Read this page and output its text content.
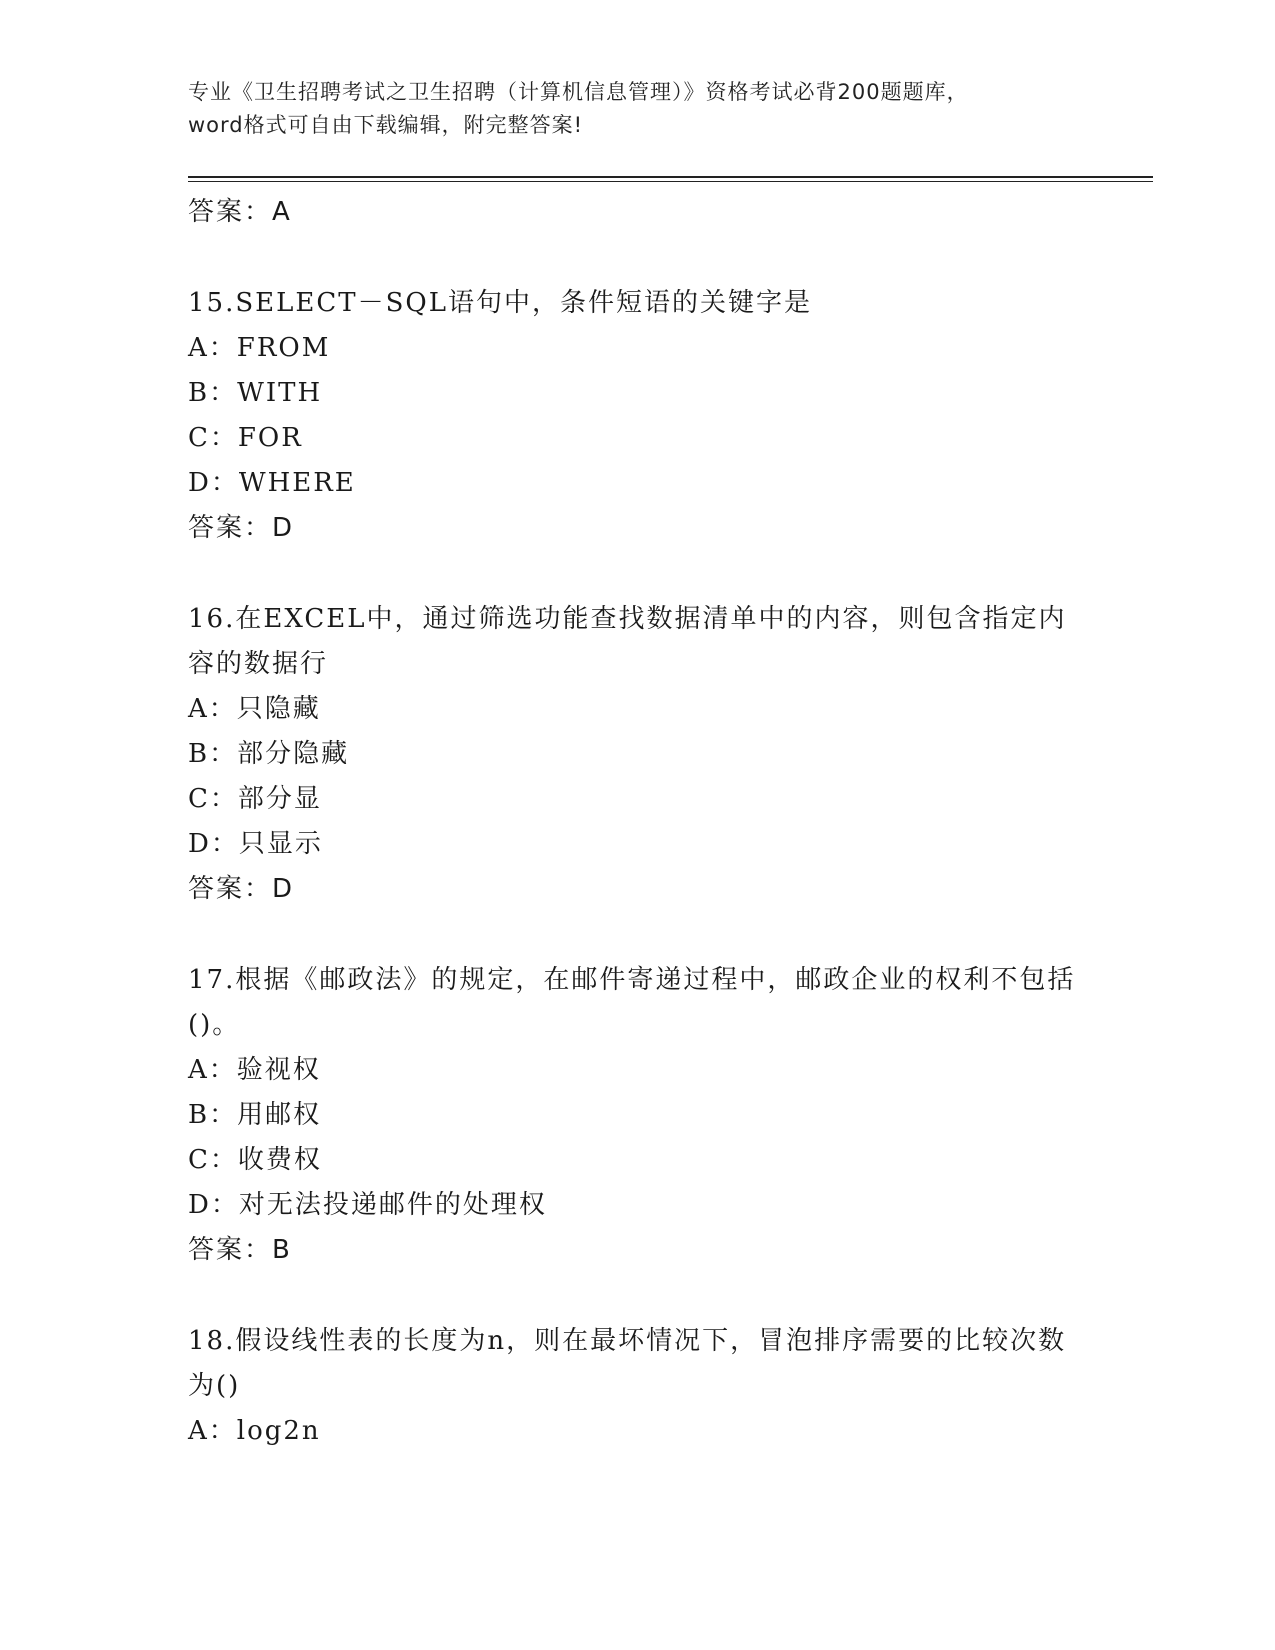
专业《卫生招聘考试之卫生招聘（计算机信息管理）》资格考试必背200题题库，
word格式可自由下载编辑，附完整答案!
答案：A

15.SELECT－SQL语句中，条件短语的关键字是

A：FROM
B：WITH
C：FOR
D：WHERE
答案：D

16.在EXCEL中，通过筛选功能查找数据清单中的内容，则包含指定内容的数据行

A：只隐藏
B：部分隐藏
C：部分显
D：只显示
答案：D

17.根据《邮政法》的规定，在邮件寄递过程中，邮政企业的权利不包括()。

A：验视权
B：用邮权
C：收费权
D：对无法投递邮件的处理权
答案：B

18.假设线性表的长度为n，则在最坏情况下，冒泡排序需要的比较次数为()

A：log2n
